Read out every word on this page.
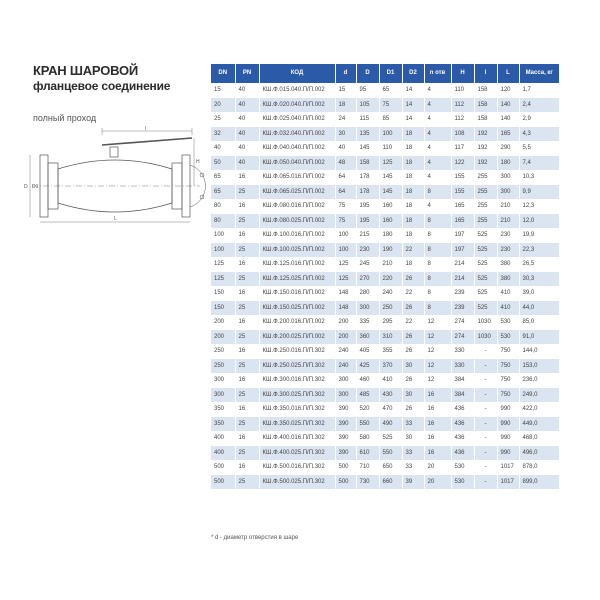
КРАН ШАРОВОЙ
фланцевое соединение
полный проход
I
H
D D1
L
DN	PN	КОД	d	D	D1	D2	n отв	H	I	L	Масса, кг
15	40	КШ.Ф.015.040.П/П.002	15	95	65	14	4	110	158	120	1,7
20	40	КШ.Ф.020.040.П/П.002	18	105	75	14	4	112	158	140	2,4
25	40	КШ.Ф.025.040.П/П.002	24	115	85	14	4	112	158	140	2,9
32	40	КШ.Ф.032.040.П/П.002	30	135	100	18	4	108	192	165	4,3
40	40	КШ.Ф.040.040.П/П.002	40	145	110	18	4	117	192	290	5,5
50	40	КШ.Ф.050.040.П/П.002	48	158	125	18	4	122	192	180	7,4
65	16	КШ.Ф.065.016.П/П.002	64	178	145	18	4	155	255	300	10,3
65	25	КШ.Ф.065.025.П/П.002	64	178	145	18	8	155	255	300	9,9
80	16	КШ.Ф.080.016.П/П.002	75	195	160	18	4	165	255	210	12,3
80	25	КШ.Ф.080.025.П/П.002	75	195	160	18	8	165	255	210	12,0
100	16	КШ.Ф.100.016.П/П.002	100	215	180	18	8	197	525	230	19,9
100	25	КШ.Ф.100.025.П/П.002	100	230	190	22	8	197	525	230	22,3
125	16	КШ.Ф.125.016.П/П.002	125	245	210	18	8	214	525	380	26,5
125	25	КШ.Ф.125.025.П/П.002	125	270	220	26	8	214	525	380	30,3
150	16	КШ.Ф.150.016.П/П.002	148	280	240	22	8	239	525	410	39,0
150	25	КШ.Ф.150.025.П/П.002	148	300	250	26	8	239	525	410	44,0
200	16	КШ.Ф.200.016.П/П.002	200	335	295	22	12	274	1030	530	85,0
200	25	КШ.Ф.200.025.П/П.002	200	360	310	26	12	274	1030	530	91,0
250	16	КШ.Ф.250.016.П/П.302	240	405	355	26	12	330	-	750	144,0
250	25	КШ.Ф.250.025.П/П.302	240	425	370	30	12	330	-	750	153,0
300	16	КШ.Ф.300.016.П/П.302	300	460	410	26	12	384	-	750	236,0
300	25	КШ.Ф.300.025.П/П.302	300	485	430	30	16	384	-	750	249,0
350	16	КШ.Ф.350.016.П/П.302	390	520	470	26	16	436	-	990	422,0
350	25	КШ.Ф.350.025.П/П.302	390	550	490	33	16	436	-	990	449,0
400	16	КШ.Ф.400.016.П/П.302	390	580	525	30	16	436	-	990	468,0
400	25	КШ.Ф.400.025.П/П.302	390	610	550	33	16	436	-	990	496,0
500	16	КШ.Ф.500.016.П/П.302	500	710	650	33	20	530	-	1017	878,0
500	25	КШ.Ф.500.025.П/П.302	500	730	660	39	20	530	-	1017	899,0
* d - диаметр отверстия в шаре
